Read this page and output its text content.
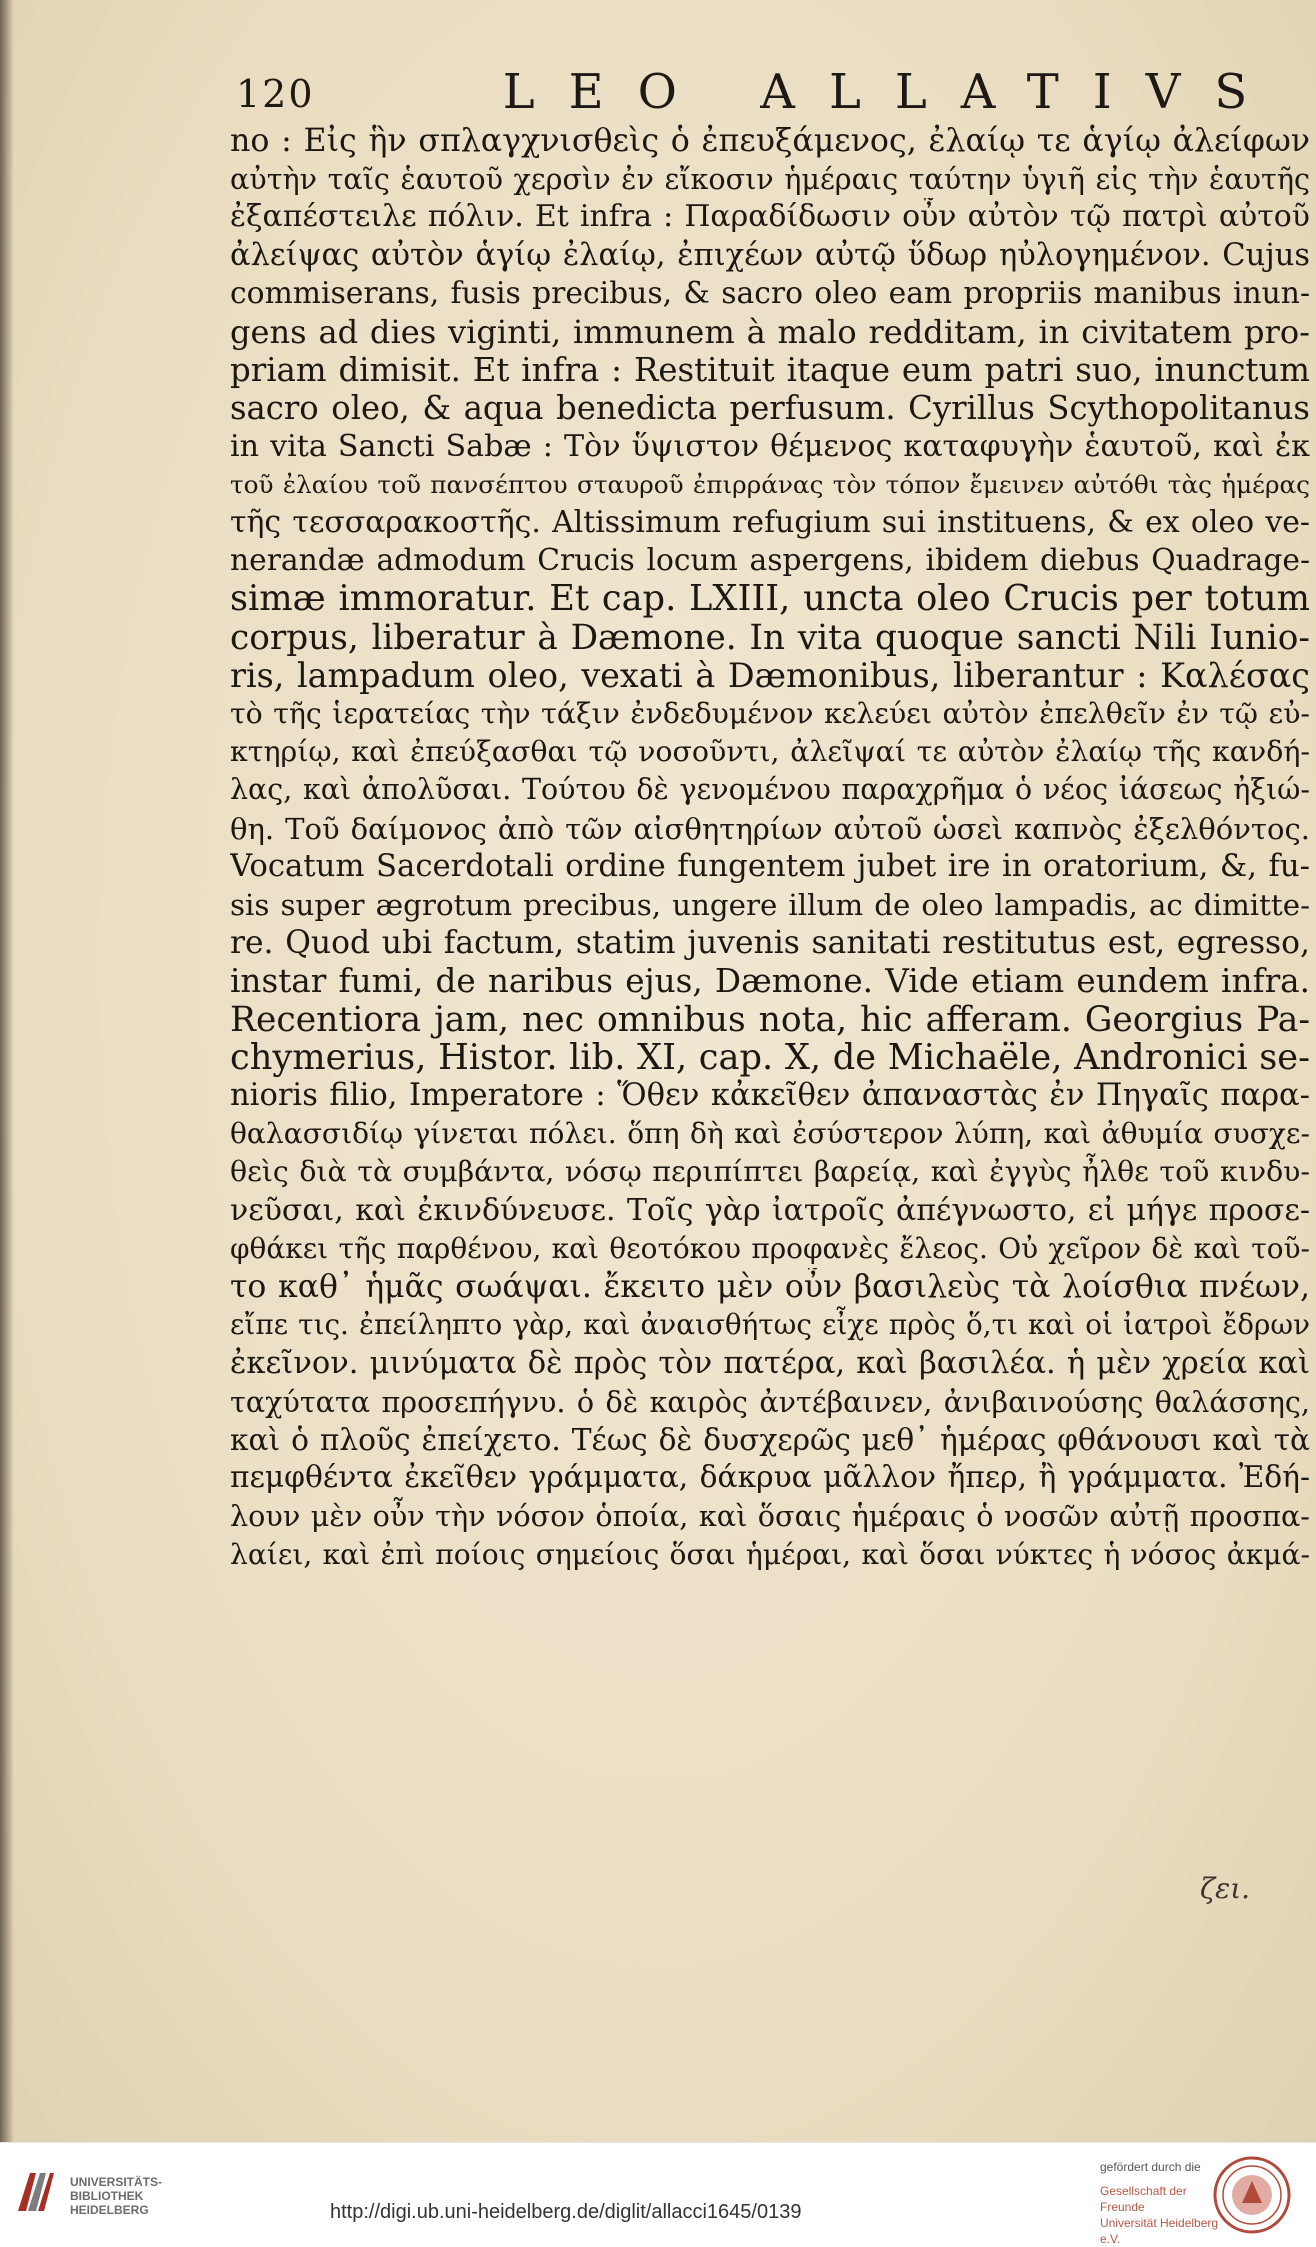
120	LEO ALLATIVS
no : Εἰς ἣν σπλαγχνισθεὶς ὁ ἐπευξάμενος, ἐλαίῳ τε ἁγίῳ ἀλείφων
αὐτὴν ταῖς ἑαυτοῦ χερσὶν ἐν εἴκοσιν ἡμέραις ταύτην ὑγιῆ εἰς τὴν ἑαυτῆς
ἐξαπέστειλε πόλιν. Et infra : Παραδίδωσιν οὖν αὐτὸν τῷ πατρὶ αὐτοῦ
ἀλείψας αὐτὸν ἁγίῳ ἐλαίῳ, ἐπιχέων αὐτῷ ὕδωρ ηὐλογημένον. Cujus
commiserans, fusis precibus, & sacro oleo eam propriis manibus inun-
gens ad dies viginti, immunem à malo redditam, in civitatem pro-
priam dimisit. Et infra : Restituit itaque eum patri suo, inunctum
sacro oleo, & aqua benedicta perfusum. Cyrillus Scythopolitanus
in vita Sancti Sabæ : Τὸν ὕψιστον θέμενος καταφυγὴν ἑαυτοῦ, καὶ ἐκ
τοῦ ἐλαίου τοῦ πανσέπτου σταυροῦ ἐπιρράνας τὸν τόπον ἔμεινεν αὐτόθι τὰς ἡμέρας
τῆς τεσσαρακοστῆς. Altissimum refugium sui instituens, & ex oleo ve-
nerandæ admodum Crucis locum aspergens, ibidem diebus Quadrage-
simæ immoratur. Et cap. LXIII, uncta oleo Crucis per totum
corpus, liberatur à Dæmone. In vita quoque sancti Nili Iunio-
ris, lampadum oleo, vexati à Dæmonibus, liberantur : Καλέσας
τὸ τῆς ἱερατείας τὴν τάξιν ἐνδεδυμένον κελεύει αὐτὸν ἐπελθεῖν ἐν τῷ εὐ-
κτηρίῳ, καὶ ἐπεύξασθαι τῷ νοσοῦντι, ἀλεῖψαί τε αὐτὸν ἐλαίῳ τῆς κανδή-
λας, καὶ ἀπολῦσαι. Τούτου δὲ γενομένου παραχρῆμα ὁ νέος ἰάσεως ἠξιώ-
θη. Τοῦ δαίμονος ἀπὸ τῶν αἰσθητηρίων αὐτοῦ ὡσεὶ καπνὸς ἐξελθόντος.
Vocatum Sacerdotali ordine fungentem jubet ire in oratorium, &, fu-
sis super ægrotum precibus, ungere illum de oleo lampadis, ac dimitte-
re. Quod ubi factum, statim juvenis sanitati restitutus est, egresso,
instar fumi, de naribus ejus, Dæmone. Vide etiam eundem infra.
Recentiora jam, nec omnibus nota, hic afferam. Georgius Pa-
chymerius, Histor. lib. XI, cap. X, de Michaële, Andronici se-
nioris filio, Imperatore : Ὅθεν κἀκεῖθεν ἀπαναστὰς ἐν Πηγαῖς παρα-
θαλασσιδίῳ γίνεται πόλει. ὅπη δὴ καὶ ἐσύστερον λύπη, καὶ ἀθυμία συσχε-
θεὶς διὰ τὰ συμβάντα, νόσῳ περιπίπτει βαρείᾳ, καὶ ἐγγὺς ἦλθε τοῦ κινδυ-
νεῦσαι, καὶ ἐκινδύνευσε. Τοῖς γὰρ ἰατροῖς ἀπέγνωστο, εἰ μήγε προσε-
φθάκει τῆς παρθένου, καὶ θεοτόκου προφανὲς ἔλεος. Οὐ χεῖρον δὲ καὶ τοῦ-
το καθ᾽ ἡμᾶς σωάψαι. ἔκειτο μὲν οὖν βασιλεὺς τὰ λοίσθια πνέων,
εἴπε τις. ἐπείληπτο γὰρ, καὶ ἀναισθήτως εἶχε πρὸς ὅ,τι καὶ οἱ ἰατροὶ ἔδρων
ἐκεῖνον. μινύματα δὲ πρὸς τὸν πατέρα, καὶ βασιλέα. ἡ μὲν χρεία καὶ
ταχύτατα προσεπήγνυ. ὁ δὲ καιρὸς ἀντέβαινεν, ἀνιβαινούσης θαλάσσης,
καὶ ὁ πλοῦς ἐπείχετο. Τέως δὲ δυσχερῶς μεθ᾽ ἡμέρας φθάνουσι καὶ τὰ
πεμφθέντα ἐκεῖθεν γράμματα, δάκρυα μᾶλλον ἤπερ, ἢ γράμματα. Ἐδή-
λουν μὲν οὖν τὴν νόσον ὁποία, καὶ ὅσαις ἡμέραις ὁ νοσῶν αὐτῇ προσπα-
λαίει, καὶ ἐπὶ ποίοις σημείοις ὅσαι ἡμέραι, καὶ ὅσαι νύκτες ἡ νόσος ἀκμά-
ζει.
UNIVERSITÄTS-
BIBLIOTHEK
HEIDELBERG	http://digi.ub.uni-heidelberg.de/diglit/allacci1645/0139
gefördert durch die
Gesellschaft der Freunde
Universität Heidelberg e.V.
